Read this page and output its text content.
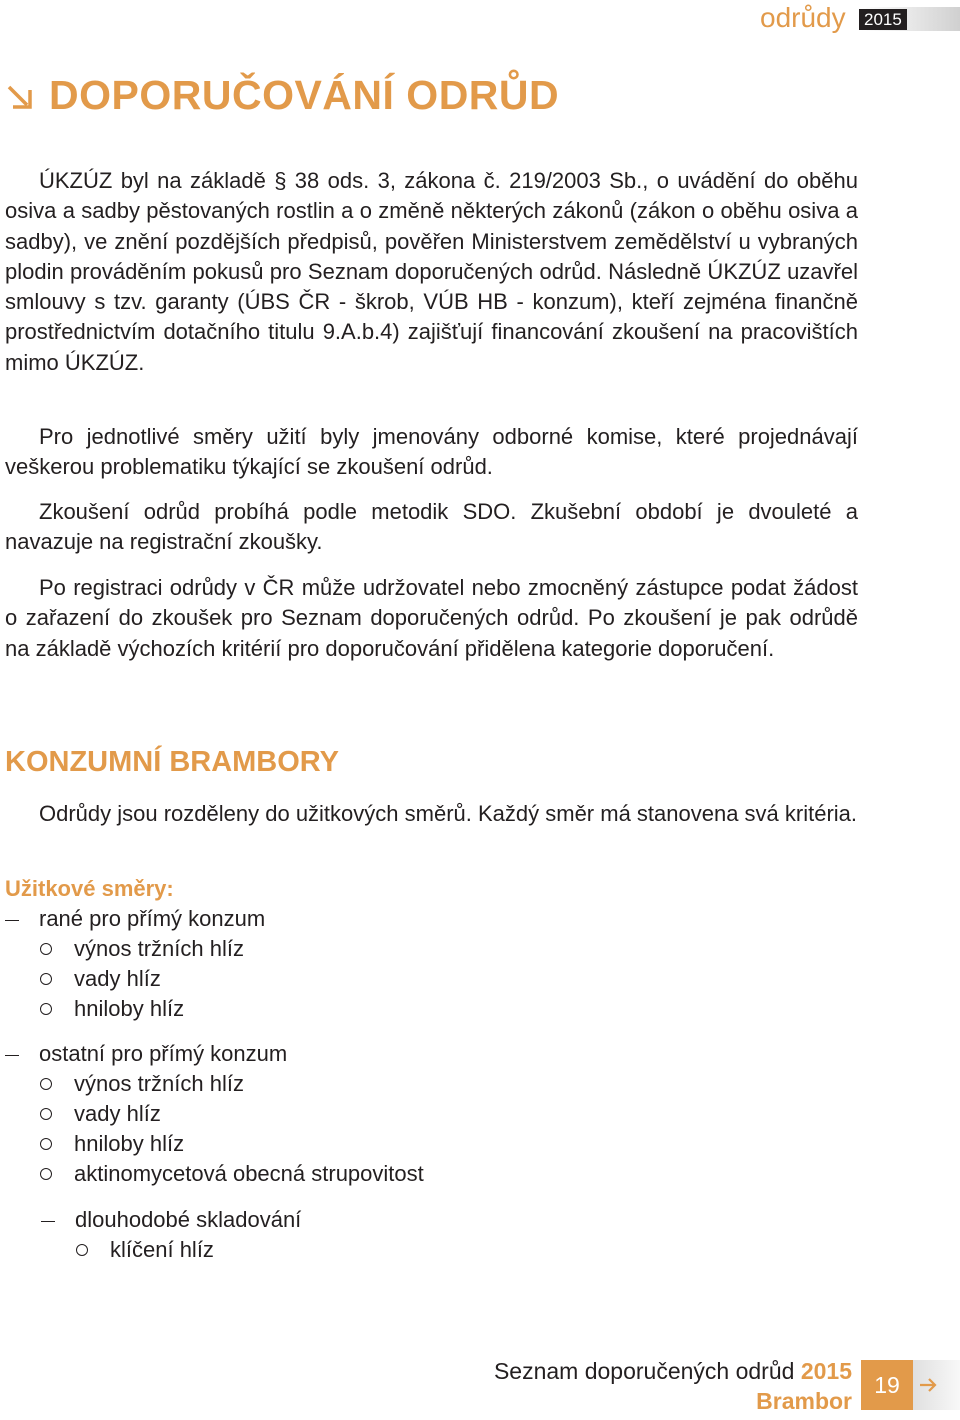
odrůdy 2015
DOPORUČOVÁNÍ ODRŮD

ÚKZÚZ byl na základě § 38 ods. 3, zákona č. 219/2003 Sb., o uvádění do oběhu osiva a sadby pěstovaných rostlin a o změně některých zákonů (zákon o oběhu osiva a sadby), ve znění pozdějších předpisů, pověřen Ministerstvem zemědělství u vybraných plodin prováděním pokusů pro Seznam doporučených odrůd. Následně ÚKZÚZ uzavřel smlouvy s tzv. garanty (ÚBS ČR - škrob, VÚB HB - konzum), kteří zejména finančně prostřednictvím dotačního titulu 9.A.b.4) zajišťují financování zkoušení na pracovištích mimo ÚKZÚZ.

Pro jednotlivé směry užití byly jmenovány odborné komise, které projednávají veškerou problematiku týkající se zkoušení odrůd.

Zkoušení odrůd probíhá podle metodik SDO. Zkušební období je dvouleté a navazuje na registrační zkoušky.

Po registraci odrůdy v ČR může udržovatel nebo zmocněný zástupce podat žádost o zařazení do zkoušek pro Seznam doporučených odrůd. Po zkoušení je pak odrůdě na základě výchozích kritérií pro doporučování přidělena kategorie doporučení.

KONZUMNÍ BRAMBORY

Odrůdy jsou rozděleny do užitkových směrů. Každý směr má stanovena svá kritéria.

Užitkové směry:
rané pro přímý konzum
výnos tržních hlíz
vady hlíz
hniloby hlíz
ostatní pro přímý konzum
výnos tržních hlíz
vady hlíz
hniloby hlíz
aktinomycetová obecná strupovitost
dlouhodobé skladování
klíčení hlíz
Seznam doporučených odrůd 2015
Brambor
19
